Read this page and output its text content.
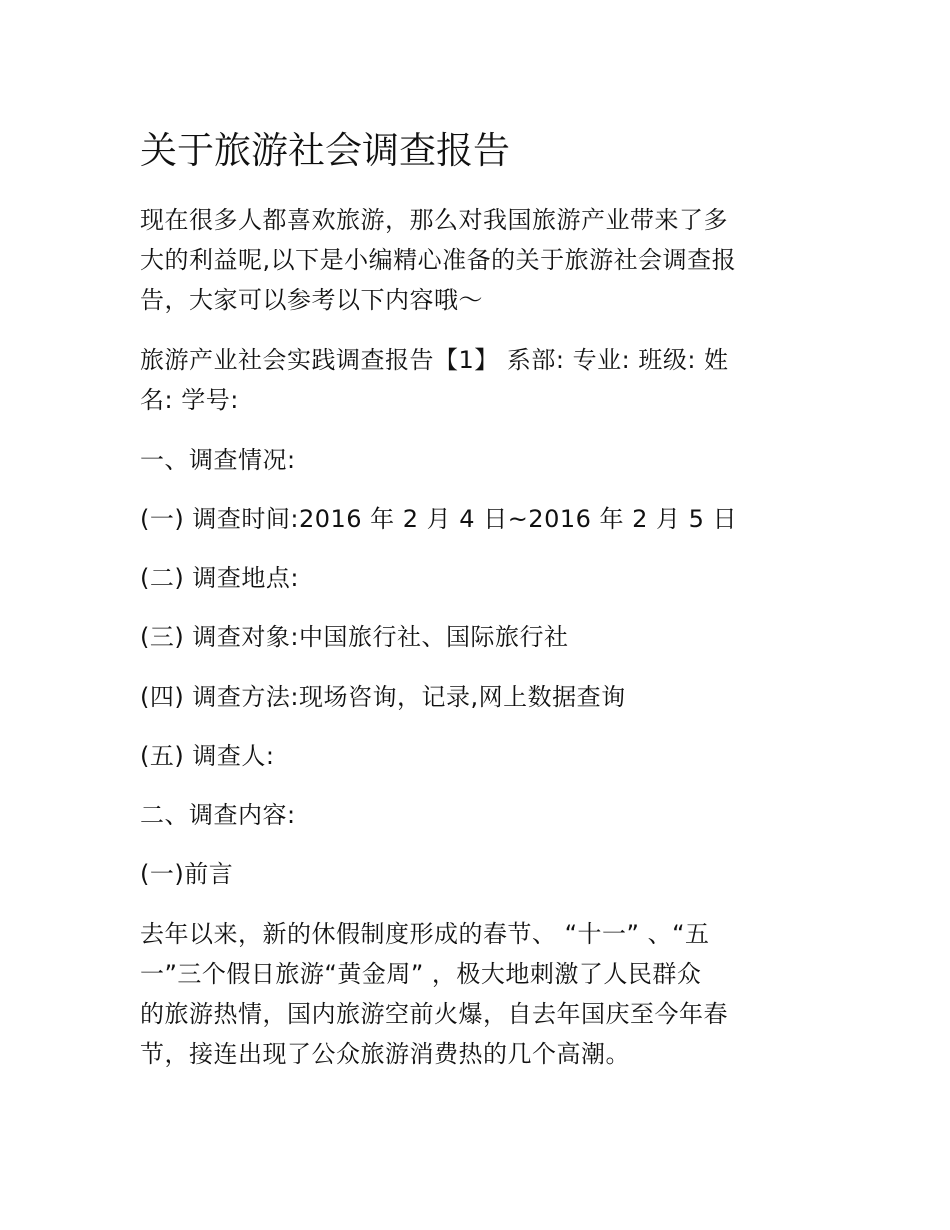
关于旅游社会调查报告
现在很多人都喜欢旅游，那么对我国旅游产业带来了多
大的利益呢,以下是小编精心准备的关于旅游社会调查报
告，大家可以参考以下内容哦～
旅游产业社会实践调查报告【1】 系部: 专业: 班级: 姓
名: 学号:
一、调查情况:
(一) 调查时间:2016 年 2 月 4 日~2016 年 2 月 5 日
(二) 调查地点:
(三) 调查对象:中国旅行社、国际旅行社
(四) 调查方法:现场咨询，记录,网上数据查询
(五) 调查人:
二、调查内容:
(一)前言
去年以来，新的休假制度形成的春节、 “十一” 、“五
一”三个假日旅游“黄金周” ，极大地刺激了人民群众
的旅游热情，国内旅游空前火爆，自去年国庆至今年春
节，接连出现了公众旅游消费热的几个高潮。
